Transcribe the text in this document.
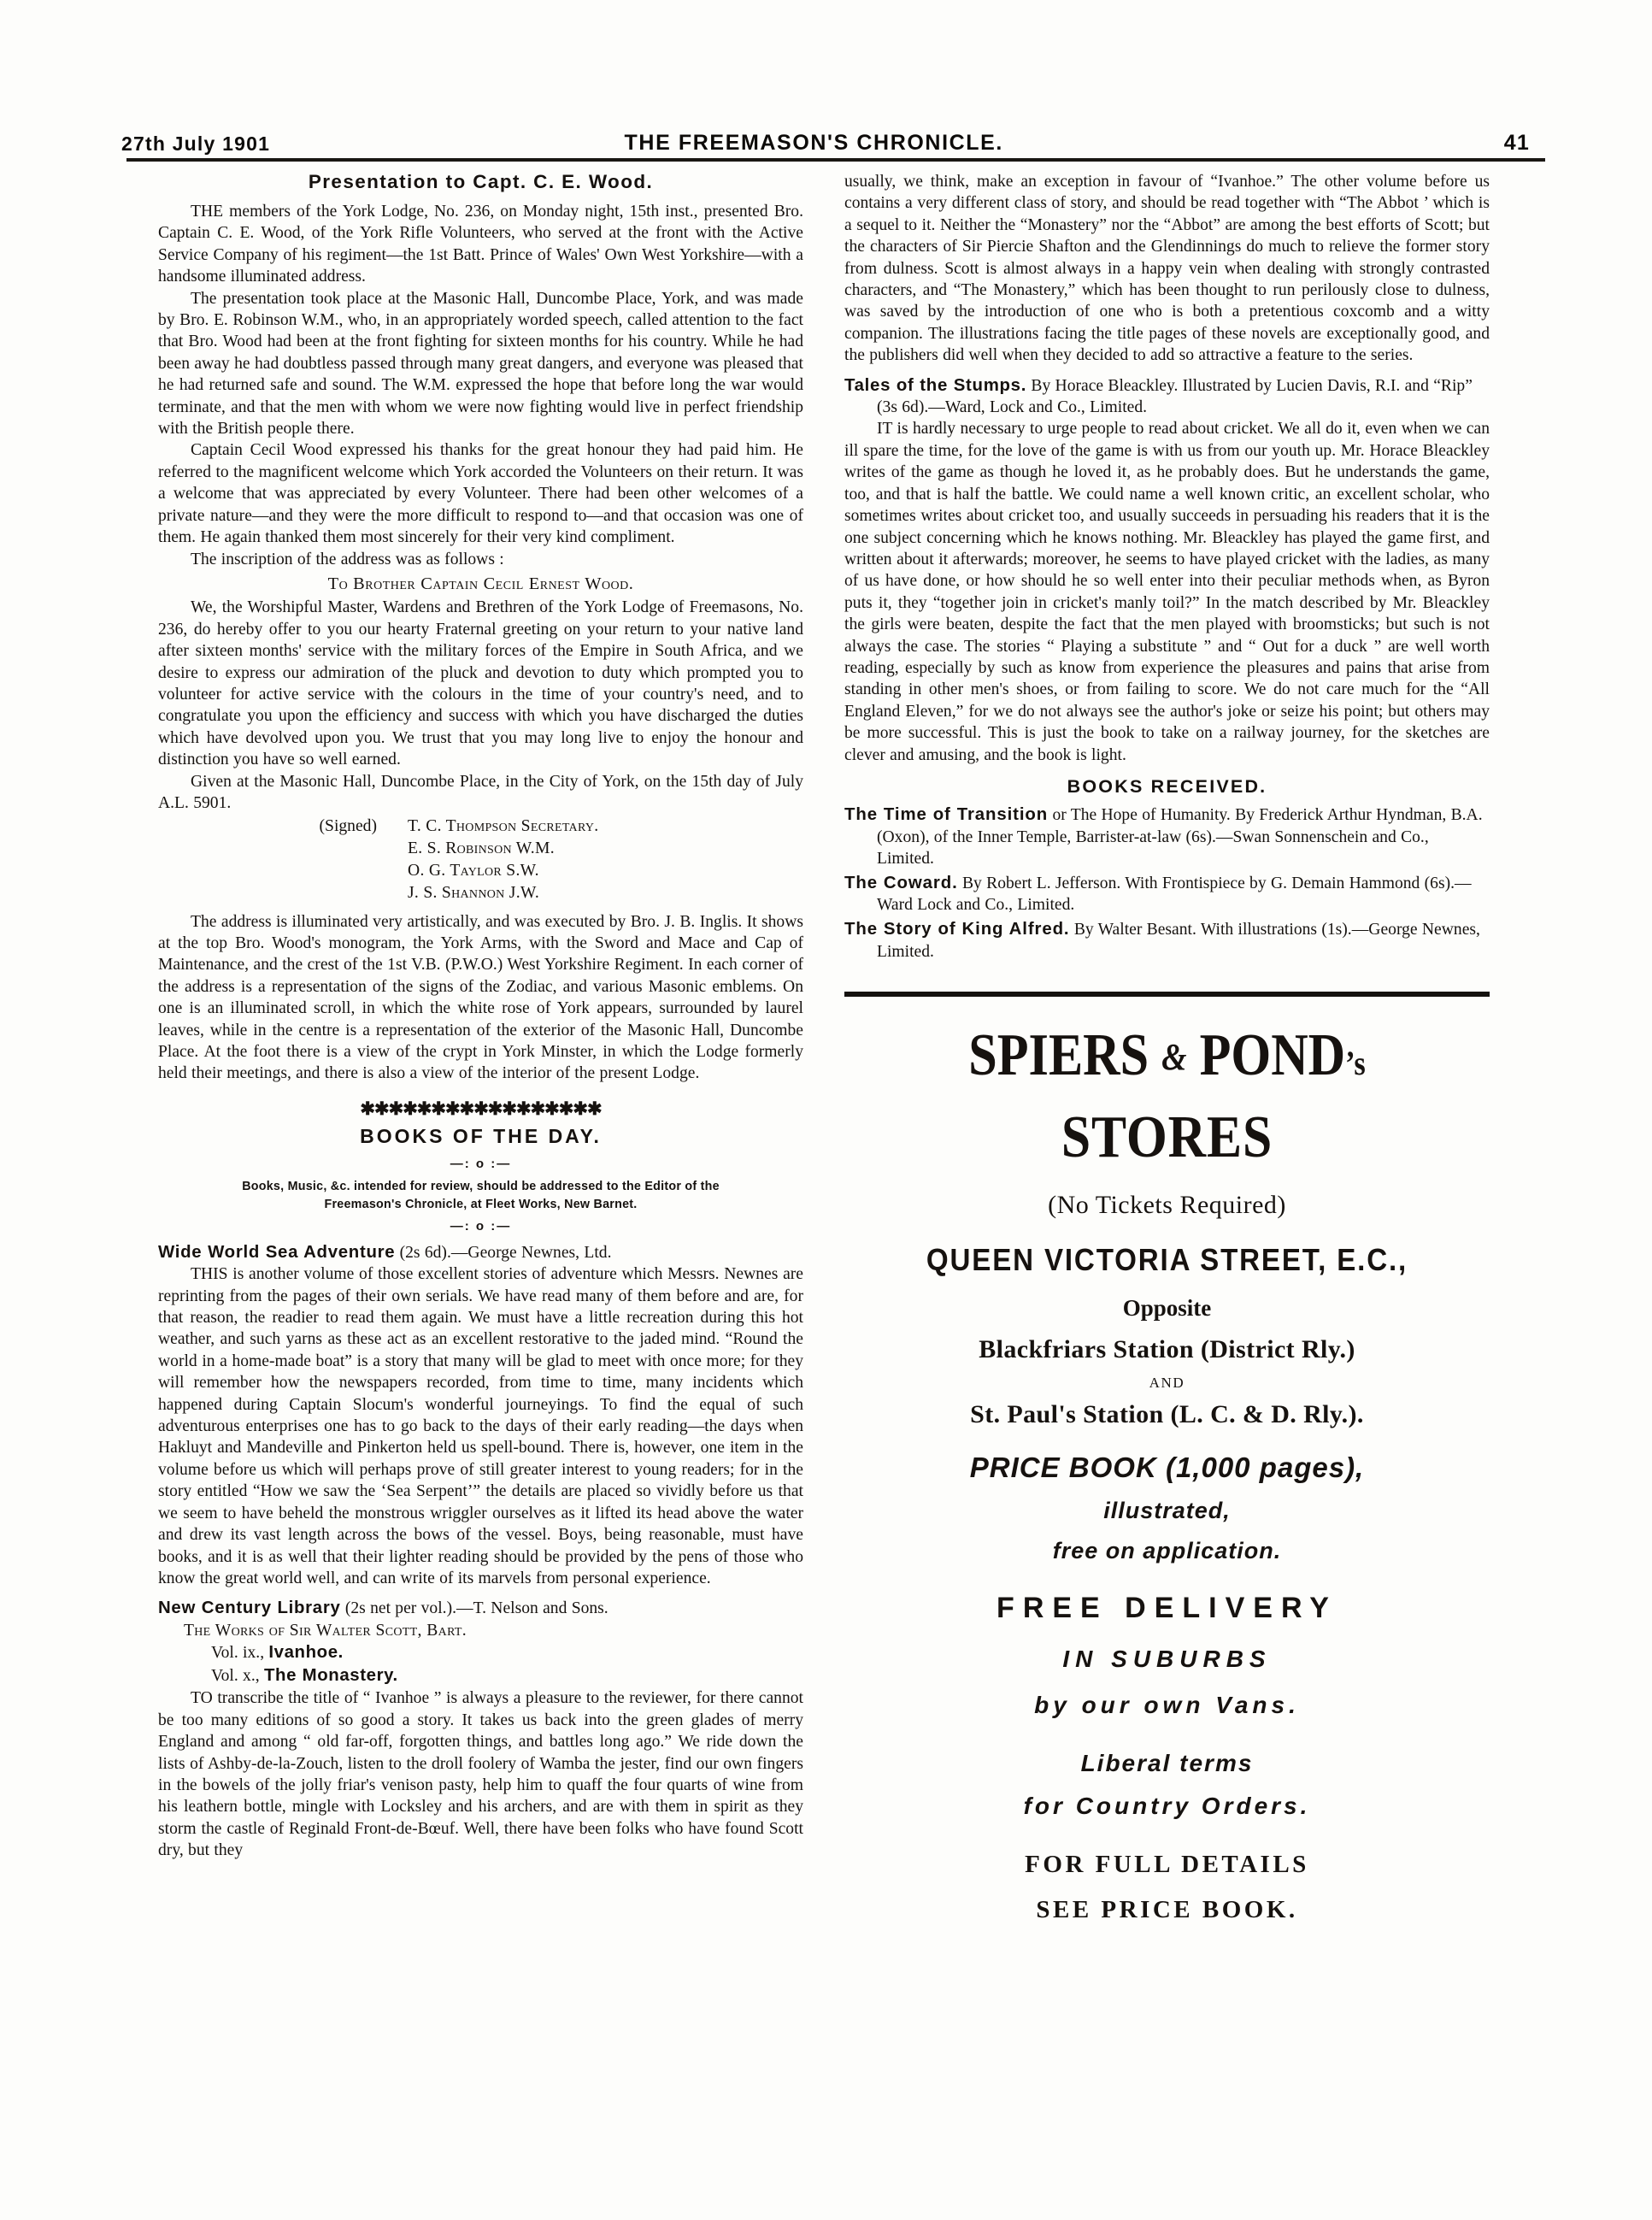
27th July 1901	THE FREEMASON'S CHRONICLE.	41
Presentation to Capt. C. E. Wood.

THE members of the York Lodge, No. 236, on Monday night, 15th inst., presented Bro. Captain C. E. Wood, of the York Rifle Volunteers, who served at the front with the Active Service Company of his regiment—the 1st Batt. Prince of Wales' Own West Yorkshire—with a handsome illuminated address.

The presentation took place at the Masonic Hall, Duncombe Place, York, and was made by Bro. E. Robinson W.M., who, in an appropriately worded speech, called attention to the fact that Bro. Wood had been at the front fighting for sixteen months for his country. While he had been away he had doubtless passed through many great dangers, and everyone was pleased that he had returned safe and sound. The W.M. expressed the hope that before long the war would terminate, and that the men with whom we were now fighting would live in perfect friendship with the British people there.

Captain Cecil Wood expressed his thanks for the great honour they had paid him. He referred to the magnificent welcome which York accorded the Volunteers on their return. It was a welcome that was appreciated by every Volunteer. There had been other welcomes of a private nature—and they were the more difficult to respond to—and that occasion was one of them. He again thanked them most sincerely for their very kind compliment.

The inscription of the address was as follows :

To Brother Captain Cecil Ernest Wood.

We, the Worshipful Master, Wardens and Brethren of the York Lodge of Freemasons, No. 236, do hereby offer to you our hearty Fraternal greeting on your return to your native land after sixteen months' service with the military forces of the Empire in South Africa, and we desire to express our admiration of the pluck and devotion to duty which prompted you to volunteer for active service with the colours in the time of your country's need, and to congratulate you upon the efficiency and success with which you have discharged the duties which have devolved upon you. We trust that you may long live to enjoy the honour and distinction you have so well earned.

Given at the Masonic Hall, Duncombe Place, in the City of York, on the 15th day of July A.L. 5901.

(Signed)	T. C. Thompson Secretary.
E. S. Robinson W.M.
O. G. Taylor S.W.
J. S. Shannon J.W.

The address is illuminated very artistically, and was executed by Bro. J. B. Inglis. It shows at the top Bro. Wood's monogram, the York Arms, with the Sword and Mace and Cap of Maintenance, and the crest of the 1st V.B. (P.W.O.) West Yorkshire Regiment. In each corner of the address is a representation of the signs of the Zodiac, and various Masonic emblems. On one is an illuminated scroll, in which the white rose of York appears, surrounded by laurel leaves, while in the centre is a representation of the exterior of the Masonic Hall, Duncombe Place. At the foot there is a view of the crypt in York Minster, in which the Lodge formerly held their meetings, and there is also a view of the interior of the present Lodge.

✱✱✱✱✱✱✱✱✱✱✱✱✱✱✱✱✱
BOOKS OF THE DAY.
—: o :—
Books, Music, &c. intended for review, should be addressed to the Editor of the
Freemason's Chronicle, at Fleet Works, New Barnet.
—: o :—

Wide World Sea Adventure (2s 6d).—George Newnes, Ltd.

THIS is another volume of those excellent stories of adventure which Messrs. Newnes are reprinting from the pages of their own serials. We have read many of them before and are, for that reason, the readier to read them again. We must have a little recreation during this hot weather, and such yarns as these act as an excellent restorative to the jaded mind. “Round the world in a home-made boat” is a story that many will be glad to meet with once more; for they will remember how the newspapers recorded, from time to time, many incidents which happened during Captain Slocum's wonderful journeyings. To find the equal of such adventurous enterprises one has to go back to the days of their early reading—the days when Hakluyt and Mandeville and Pinkerton held us spell-bound. There is, however, one item in the volume before us which will perhaps prove of still greater interest to young readers; for in the story entitled “How we saw the ‘Sea Serpent’” the details are placed so vividly before us that we seem to have beheld the monstrous wriggler ourselves as it lifted its head above the water and drew its vast length across the bows of the vessel. Boys, being reasonable, must have books, and it is as well that their lighter reading should be provided by the pens of those who know the great world well, and can write of its marvels from personal experience.

New Century Library (2s net per vol.).—T. Nelson and Sons.

The Works of Sir Walter Scott, Bart.

Vol. ix., Ivanhoe.

Vol. x., The Monastery.

TO transcribe the title of “ Ivanhoe ” is always a pleasure to the reviewer, for there cannot be too many editions of so good a story. It takes us back into the green glades of merry England and among “ old far-off, forgotten things, and battles long ago.” We ride down the lists of Ashby-de-la-Zouch, listen to the droll foolery of Wamba the jester, find our own fingers in the bowels of the jolly friar's venison pasty, help him to quaff the four quarts of wine from his leathern bottle, mingle with Locksley and his archers, and are with them in spirit as they storm the castle of Reginald Front-de-Bœuf. Well, there have been folks who have found Scott dry, but they

usually, we think, make an exception in favour of “Ivanhoe.” The other volume before us contains a very different class of story, and should be read together with “The Abbot ’ which is a sequel to it. Neither the “Monastery” nor the “Abbot” are among the best efforts of Scott; but the characters of Sir Piercie Shafton and the Glendinnings do much to relieve the former story from dulness. Scott is almost always in a happy vein when dealing with strongly contrasted characters, and “The Monastery,” which has been thought to run perilously close to dulness, was saved by the introduction of one who is both a pretentious coxcomb and a witty companion. The illustrations facing the title pages of these novels are exceptionally good, and the publishers did well when they decided to add so attractive a feature to the series.

Tales of the Stumps. By Horace Bleackley. Illustrated by Lucien Davis, R.I. and “Rip” (3s 6d).—Ward, Lock and Co., Limited.

IT is hardly necessary to urge people to read about cricket. We all do it, even when we can ill spare the time, for the love of the game is with us from our youth up. Mr. Horace Bleackley writes of the game as though he loved it, as he probably does. But he understands the game, too, and that is half the battle. We could name a well known critic, an excellent scholar, who sometimes writes about cricket too, and usually succeeds in persuading his readers that it is the one subject concerning which he knows nothing. Mr. Bleackley has played the game first, and written about it afterwards; moreover, he seems to have played cricket with the ladies, as many of us have done, or how should he so well enter into their peculiar methods when, as Byron puts it, they “together join in cricket's manly toil?” In the match described by Mr. Bleackley the girls were beaten, despite the fact that the men played with broomsticks; but such is not always the case. The stories “ Playing a substitute ” and “ Out for a duck ” are well worth reading, especially by such as know from experience the pleasures and pains that arise from standing in other men's shoes, or from failing to score. We do not care much for the “All England Eleven,” for we do not always see the author's joke or seize his point; but others may be more successful. This is just the book to take on a railway journey, for the sketches are clever and amusing, and the book is light.

BOOKS RECEIVED.

The Time of Transition or The Hope of Humanity. By Frederick Arthur Hyndman, B.A. (Oxon), of the Inner Temple, Barrister-at-law (6s).—Swan Sonnenschein and Co., Limited.

The Coward. By Robert L. Jefferson. With Frontispiece by G. Demain Hammond (6s).—Ward Lock and Co., Limited.

The Story of King Alfred. By Walter Besant. With illustrations (1s).—George Newnes, Limited.

SPIERS & POND’s
STORES
(No Tickets Required)
QUEEN VICTORIA STREET, E.C.,
Opposite
Blackfriars Station (District Rly.)
AND
St. Paul's Station (L. C. & D. Rly.).
PRICE BOOK (1,000 pages),
illustrated,
free on application.
FREE DELIVERY
IN SUBURBS
by our own Vans.
Liberal terms
for Country Orders.
FOR FULL DETAILS
SEE PRICE BOOK.
